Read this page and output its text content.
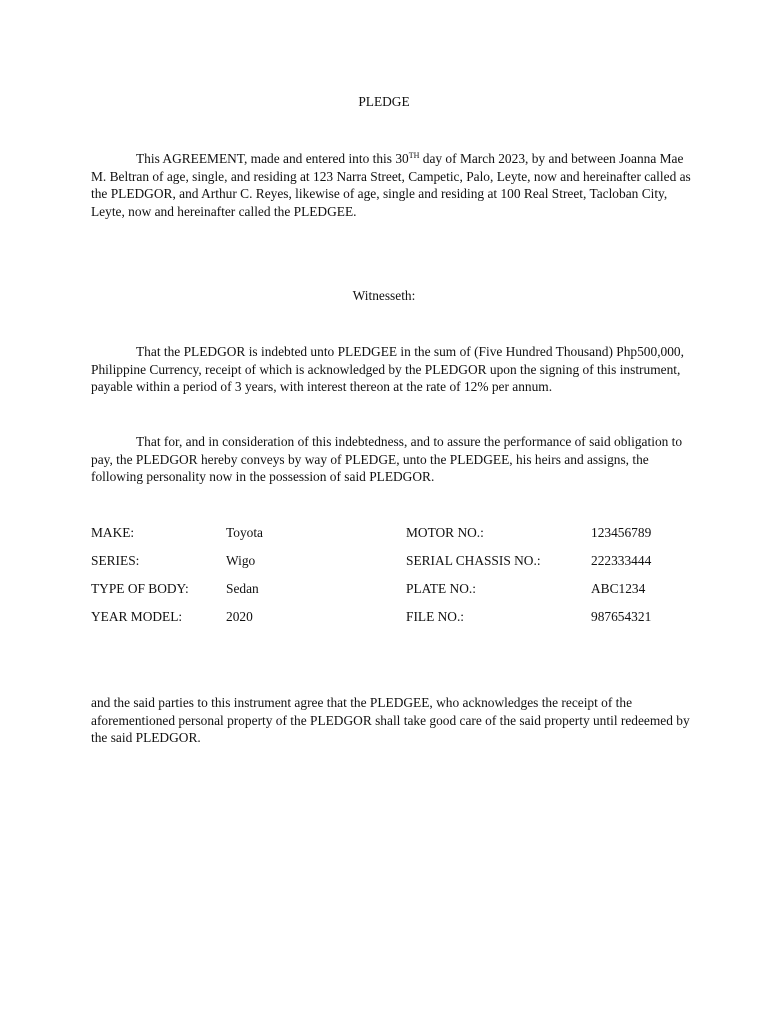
PLEDGE
This AGREEMENT, made and entered into this 30TH day of March 2023, by and between Joanna Mae M. Beltran of age, single, and residing at 123 Narra Street, Campetic, Palo, Leyte, now and hereinafter called as the PLEDGOR, and Arthur C. Reyes, likewise of age, single and residing at 100 Real Street, Tacloban City, Leyte, now and hereinafter called the PLEDGEE.
Witnesseth:
That the PLEDGOR is indebted unto PLEDGEE in the sum of (Five Hundred Thousand) Php500,000, Philippine Currency, receipt of which is acknowledged by the PLEDGOR upon the signing of this instrument, payable within a period of 3 years, with interest thereon at the rate of 12% per annum.
That for, and in consideration of this indebtedness, and to assure the performance of said obligation to pay, the PLEDGOR hereby conveys by way of PLEDGE, unto the PLEDGEE, his heirs and assigns, the following personality now in the possession of said PLEDGOR.
MAKE:	Toyota	MOTOR NO.:	123456789
SERIES:	Wigo	SERIAL CHASSIS NO.:	222333444
TYPE OF BODY:	Sedan	PLATE NO.:	ABC1234
YEAR MODEL:	2020	FILE NO.:	987654321
and the said parties to this instrument agree that the PLEDGEE, who acknowledges the receipt of the aforementioned personal property of the PLEDGOR shall take good care of the said property until redeemed by the said PLEDGOR.
